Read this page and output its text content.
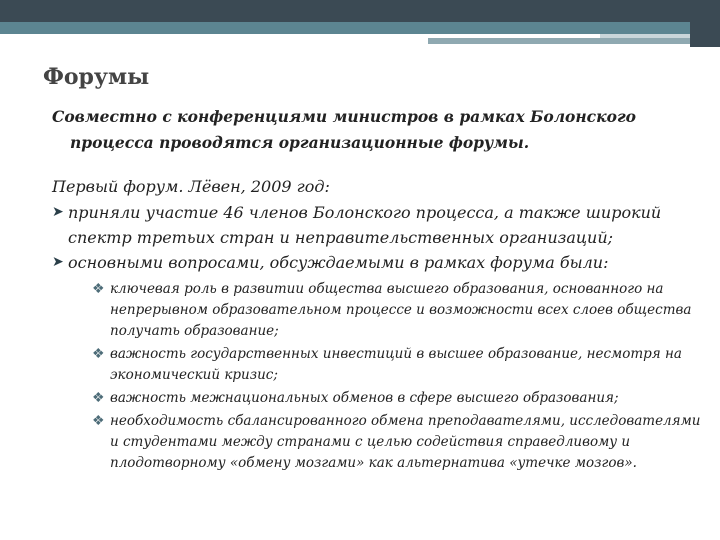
Форумы

Совместно с конференциями министров в рамках Болонского процесса проводятся организационные форумы.

Первый форум. Лёвен, 2009 год:

➤ приняли участие 46 членов Болонского процесса, а также широкий спектр третьих стран и неправительственных организаций;
➤ основными вопросами, обсуждаемыми в рамках форума были:
❖ ключевая роль в развитии общества высшего образования, основанного на непрерывном образовательном процессе и возможности всех слоев общества получать образование;
❖ важность государственных инвестиций в высшее образование, несмотря на экономический кризис;
❖ важность межнациональных обменов в сфере высшего образования;
❖ необходимость сбалансированного обмена преподавателями, исследователями и студентами между странами с целью содействия справедливому и плодотворному «обмену мозгами» как альтернатива «утечке мозгов».
